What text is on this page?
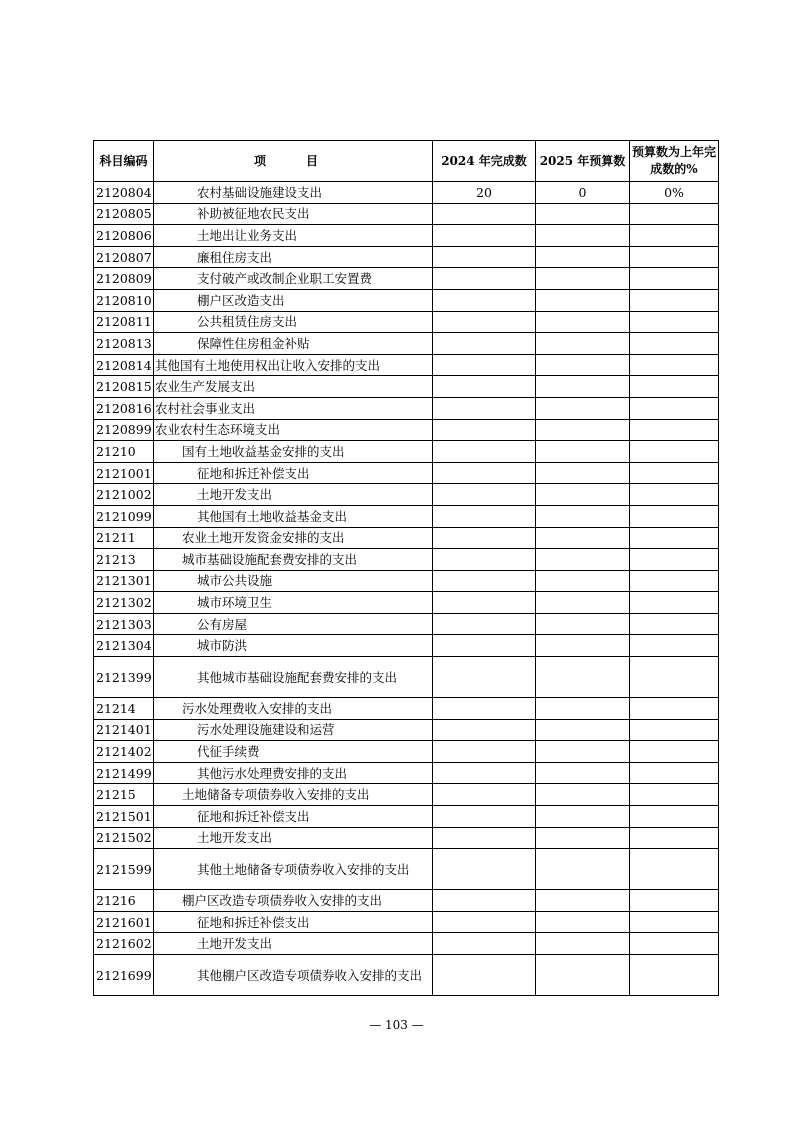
科目编码	项　目	2024 年完成数	2025 年预算数	预算数为上年完成数的%
2120804	农村基础设施建设支出	20	0	0%
2120805	补助被征地农民支出			
2120806	土地出让业务支出			
2120807	廉租住房支出			
2120809	支付破产或改制企业职工安置费			
2120810	棚户区改造支出			
2120811	公共租赁住房支出			
2120813	保障性住房租金补贴			
2120814	其他国有土地使用权出让收入安排的支出			
2120815	农业生产发展支出			
2120816	农村社会事业支出			
2120899	农业农村生态环境支出			
21210	国有土地收益基金安排的支出			
2121001	征地和拆迁补偿支出			
2121002	土地开发支出			
2121099	其他国有土地收益基金支出			
21211	农业土地开发资金安排的支出			
21213	城市基础设施配套费安排的支出			
2121301	城市公共设施			
2121302	城市环境卫生			
2121303	公有房屋			
2121304	城市防洪			
2121399	其他城市基础设施配套费安排的支出			
21214	污水处理费收入安排的支出			
2121401	污水处理设施建设和运营			
2121402	代征手续费			
2121499	其他污水处理费安排的支出			
21215	土地储备专项债券收入安排的支出			
2121501	征地和拆迁补偿支出			
2121502	土地开发支出			
2121599	其他土地储备专项债券收入安排的支出			
21216	棚户区改造专项债券收入安排的支出			
2121601	征地和拆迁补偿支出			
2121602	土地开发支出			
2121699	其他棚户区改造专项债券收入安排的支出			
— 103 —
